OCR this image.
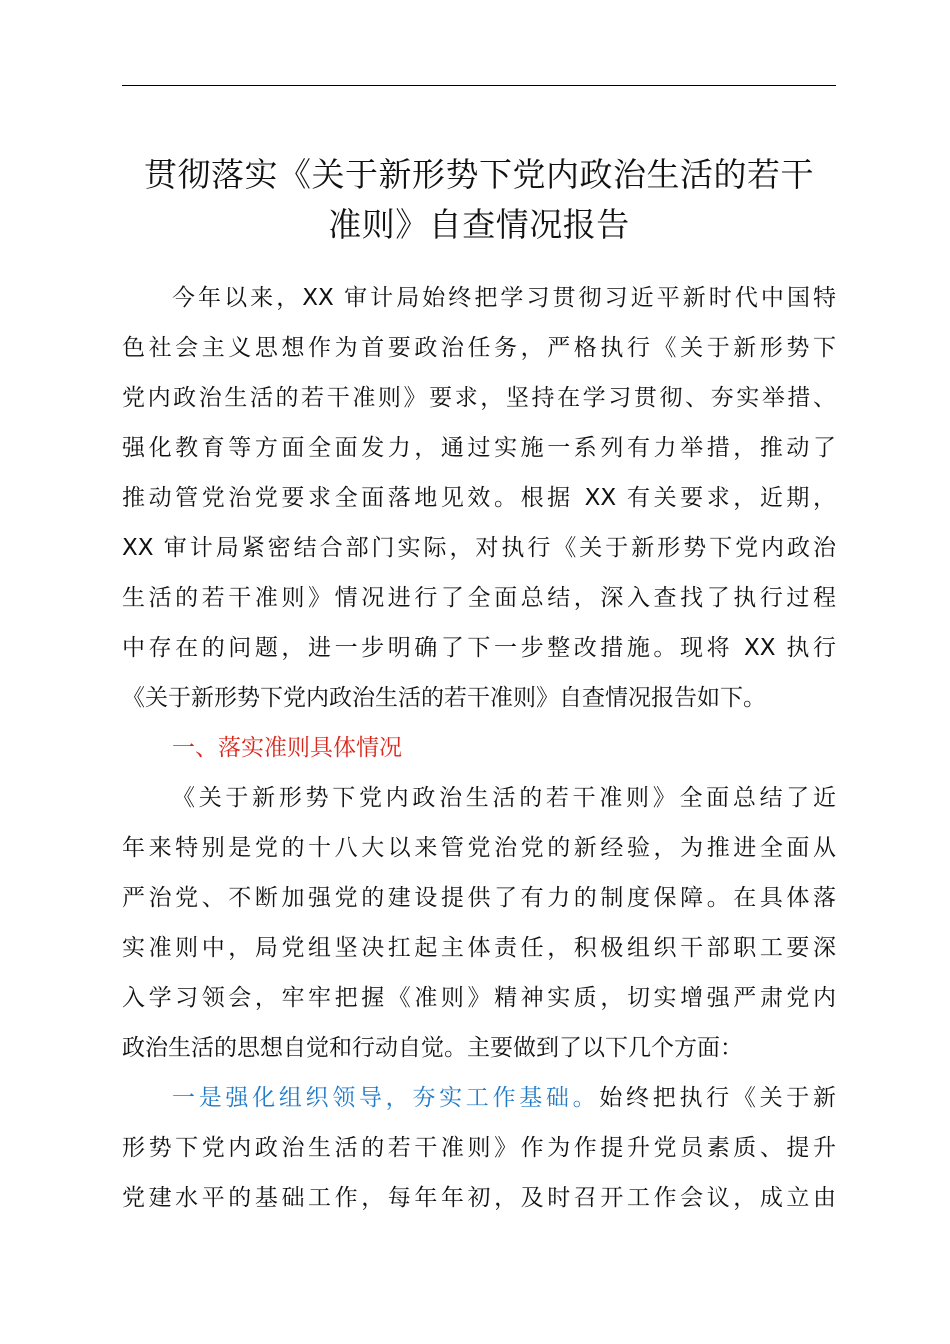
贯彻落实《关于新形势下党内政治生活的若干
准则》自查情况报告
今年以来，XX 审计局始终把学习贯彻习近平新时代中国特
色社会主义思想作为首要政治任务，严格执行《关于新形势下
党内政治生活的若干准则》要求，坚持在学习贯彻、夯实举措、
强化教育等方面全面发力，通过实施一系列有力举措，推动了
推动管党治党要求全面落地见效。根据 XX 有关要求，近期，
XX 审计局紧密结合部门实际，对执行《关于新形势下党内政治
生活的若干准则》情况进行了全面总结，深入查找了执行过程
中存在的问题，进一步明确了下一步整改措施。现将 XX 执行
《关于新形势下党内政治生活的若干准则》自查情况报告如下。
一、落实准则具体情况
《关于新形势下党内政治生活的若干准则》全面总结了近
年来特别是党的十八大以来管党治党的新经验，为推进全面从
严治党、不断加强党的建设提供了有力的制度保障。在具体落
实准则中，局党组坚决扛起主体责任，积极组织干部职工要深
入学习领会，牢牢把握《准则》精神实质，切实增强严肃党内
政治生活的思想自觉和行动自觉。主要做到了以下几个方面：
一是强化组织领导，夯实工作基础。始终把执行《关于新
形势下党内政治生活的若干准则》作为作提升党员素质、提升
党建水平的基础工作，每年年初，及时召开工作会议，成立由
